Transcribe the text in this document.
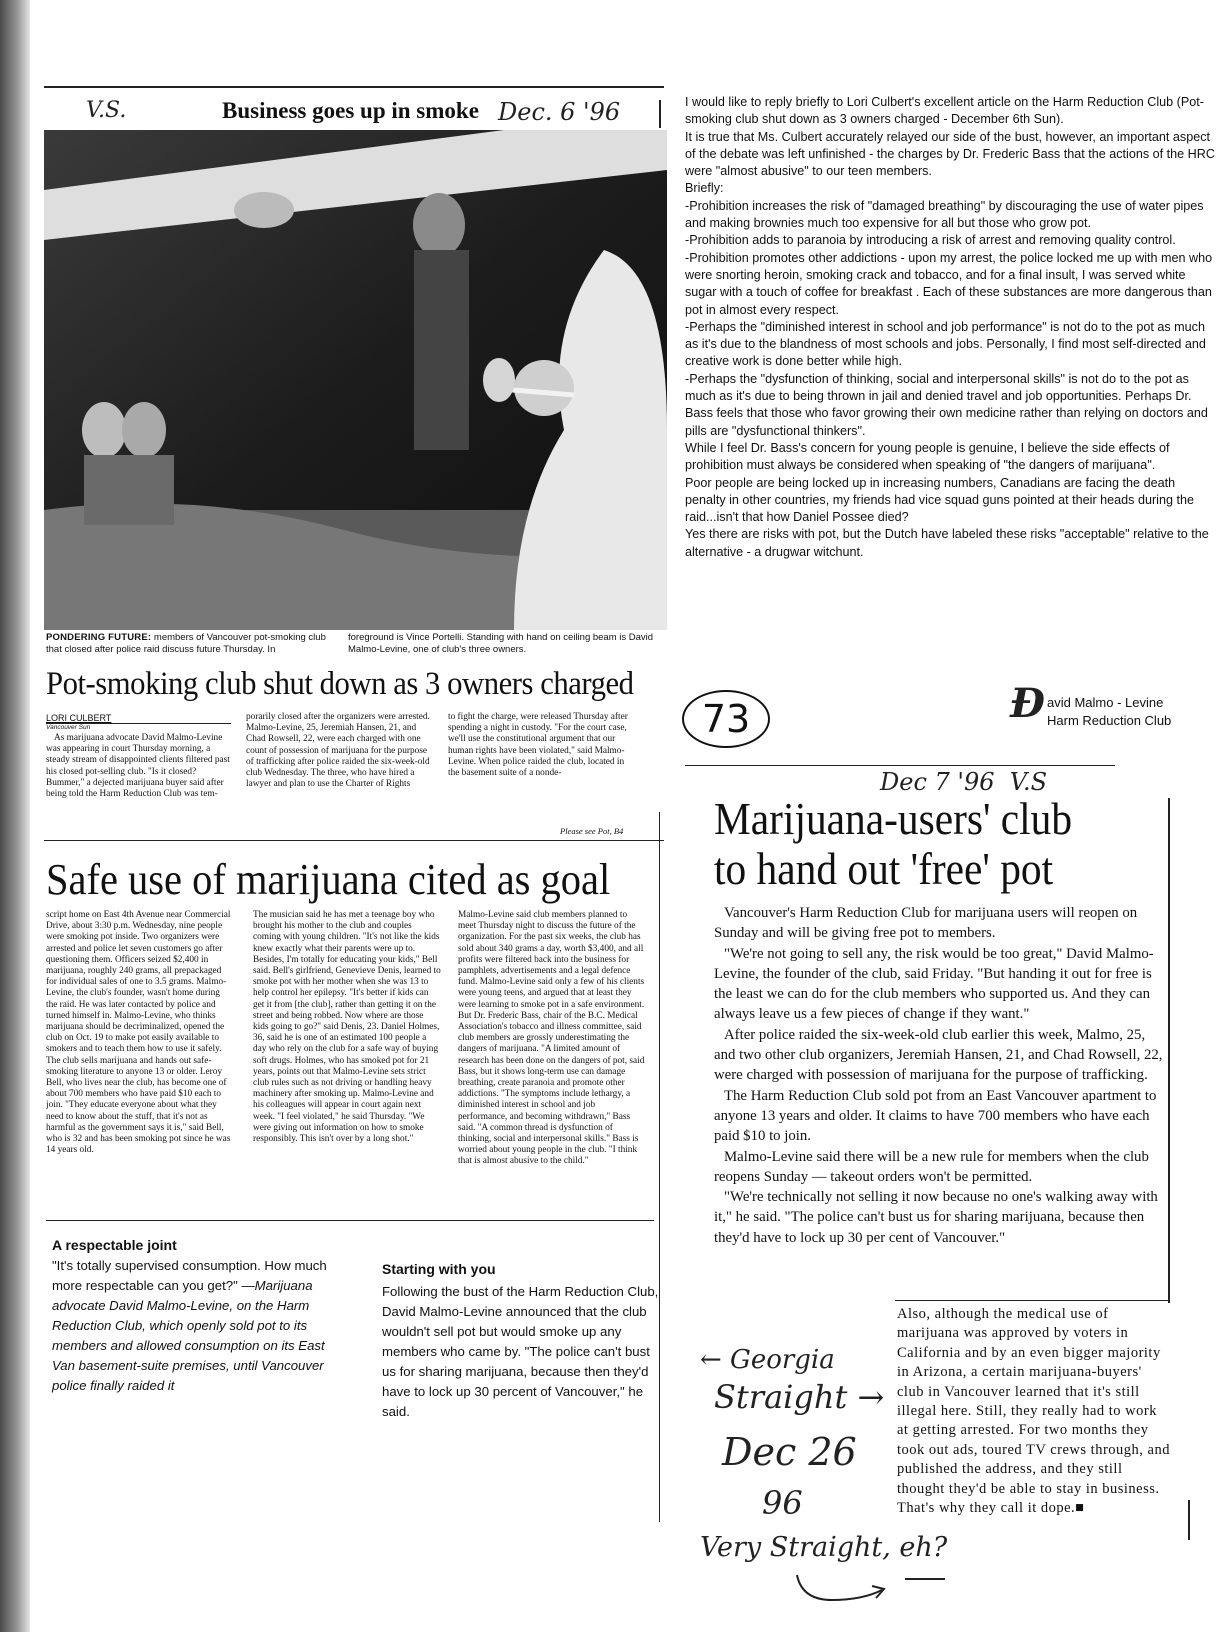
V.S.	Business goes up in smoke Dec. 6 '96
PONDERING FUTURE: members of Vancouver pot-smoking club that closed after police raid discuss future Thursday. In
foreground is Vince Portelli. Standing with hand on ceiling beam is David Malmo-Levine, one of club's three owners.
Pot-smoking club shut down as 3 owners charged
LORI CULBERT
Vancouver Sun
As marijuana advocate David Malmo-Levine was appearing in court Thursday morning, a steady stream of disappointed clients filtered past his closed pot-selling club. "Is it closed? Bummer," a dejected marijuana buyer said after being told the Harm Reduction Club was tem-
porarily closed after the organizers were arrested. Malmo-Levine, 25, Jeremiah Hansen, 21, and Chad Rowsell, 22, were each charged with one count of possession of marijuana for the purpose of trafficking after police raided the six-week-old club Wednesday. The three, who have hired a lawyer and plan to use the Charter of Rights
to fight the charge, were released Thursday after spending a night in custody. "For the court case, we'll use the constitutional argument that our human rights have been violated," said Malmo-Levine. When police raided the club, located in the basement suite of a nonde-
Please see Pot, B4
Safe use of marijuana cited as goal
script home on East 4th Avenue near Commercial Drive, about 3:30 p.m. Wednesday, nine people were smoking pot inside. Two organizers were arrested and police let seven customers go after questioning them. Officers seized $2,400 in marijuana, roughly 240 grams, all prepackaged for individual sales of one to 3.5 grams. Malmo-Levine, the club's founder, wasn't home during the raid. He was later contacted by police and turned himself in. Malmo-Levine, who thinks marijuana should be decriminalized, opened the club on Oct. 19 to make pot easily available to smokers and to teach them how to use it safely. The club sells marijuana and hands out safe-smoking literature to anyone 13 or older. Leroy Bell, who lives near the club, has become one of about 700 members who have paid $10 each to join. "They educate everyone about what they need to know about the stuff, that it's not as harmful as the government says it is," said Bell, who is 32 and has been smoking pot since he was 14 years old.
The musician said he has met a teenage boy who brought his mother to the club and couples coming with young children. "It's not like the kids knew exactly what their parents were up to. Besides, I'm totally for educating your kids," Bell said. Bell's girlfriend, Genevieve Denis, learned to smoke pot with her mother when she was 13 to help control her epilepsy. "It's better if kids can get it from [the club], rather than getting it on the street and being robbed. Now where are those kids going to go?" said Denis, 23. Daniel Holmes, 36, said he is one of an estimated 100 people a day who rely on the club for a safe way of buying soft drugs. Holmes, who has smoked pot for 21 years, points out that Malmo-Levine sets strict club rules such as not driving or handling heavy machinery after smoking up. Malmo-Levine and his colleagues will appear in court again next week. "I feel violated," he said Thursday. "We were giving out information on how to smoke responsibly. This isn't over by a long shot."
Malmo-Levine said club members planned to meet Thursday night to discuss the future of the organization. For the past six weeks, the club has sold about 340 grams a day, worth $3,400, and all profits were filtered back into the business for pamphlets, advertisements and a legal defence fund. Malmo-Levine said only a few of his clients were young teens, and argued that at least they were learning to smoke pot in a safe environment. But Dr. Frederic Bass, chair of the B.C. Medical Association's tobacco and illness committee, said club members are grossly underestimating the dangers of marijuana. "A limited amount of research has been done on the dangers of pot, said Bass, but it shows long-term use can damage breathing, create paranoia and promote other addictions. "The symptoms include lethargy, a diminished interest in school and job performance, and becoming withdrawn," Bass said. "A common thread is dysfunction of thinking, social and interpersonal skills." Bass is worried about young people in the club. "I think that is almost abusive to the child."
A respectable joint
"It's totally supervised consumption. How much more respectable can you get?" —Marijuana advocate David Malmo-Levine, on the Harm Reduction Club, which openly sold pot to its members and allowed consumption on its East Van basement-suite premises, until Vancouver police finally raided it
Starting with you
Following the bust of the Harm Reduction Club, David Malmo-Levine announced that the club wouldn't sell pot but would smoke up any members who came by. "The police can't bust us for sharing marijuana, because then they'd have to lock up 30 percent of Vancouver," he said.

I would like to reply briefly to Lori Culbert's excellent article on the Harm Reduction Club (Pot-smoking club shut down as 3 owners charged - December 6th Sun).

It is true that Ms. Culbert accurately relayed our side of the bust, however, an important aspect of the debate was left unfinished - the charges by Dr. Frederic Bass that the actions of the HRC were "almost abusive" to our teen members.

Briefly:

-Prohibition increases the risk of "damaged breathing" by discouraging the use of water pipes and making brownies much too expensive for all but those who grow pot.

-Prohibition adds to paranoia by introducing a risk of arrest and removing quality control.

-Prohibition promotes other addictions - upon my arrest, the police locked me up with men who were snorting heroin, smoking crack and tobacco, and for a final insult, I was served white sugar with a touch of coffee for breakfast . Each of these substances are more dangerous than pot in almost every respect.

-Perhaps the "diminished interest in school and job performance" is not do to the pot as much as it's due to the blandness of most schools and jobs. Personally, I find most self-directed and creative work is done better while high.

-Perhaps the "dysfunction of thinking, social and interpersonal skills" is not do to the pot as much as it's due to being thrown in jail and denied travel and job opportunities. Perhaps Dr. Bass feels that those who favor growing their own medicine rather than relying on doctors and pills are "dysfunctional thinkers".

While I feel Dr. Bass's concern for young people is genuine, I believe the side effects of prohibition must always be considered when speaking of "the dangers of marijuana".

Poor people are being locked up in increasing numbers, Canadians are facing the death penalty in other countries, my friends had vice squad guns pointed at their heads during the raid...isn't that how Daniel Possee died?

Yes there are risks with pot, but the Dutch have labeled these risks "acceptable" relative to the alternative - a drugwar witchunt.

73	Ð avid Malmo - Levine
Harm Reduction Club
Dec 7 '96  V.S
Marijuana-users' club
to hand out 'free' pot

Vancouver's Harm Reduction Club for marijuana users will reopen on Sunday and will be giving free pot to members.

"We're not going to sell any, the risk would be too great," David Malmo-Levine, the founder of the club, said Friday. "But handing it out for free is the least we can do for the club members who supported us. And they can always leave us a few pieces of change if they want."

After police raided the six-week-old club earlier this week, Malmo, 25, and two other club organizers, Jeremiah Hansen, 21, and Chad Rowsell, 22, were charged with possession of marijuana for the purpose of trafficking.

The Harm Reduction Club sold pot from an East Vancouver apartment to anyone 13 years and older. It claims to have 700 members who have each paid $10 to join.

Malmo-Levine said there will be a new rule for members when the club reopens Sunday — takeout orders won't be permitted.

"We're technically not selling it now because no one's walking away with it," he said. "The police can't bust us for sharing marijuana, because then they'd have to lock up 30 per cent of Vancouver."

Also, although the medical use of marijuana was approved by voters in California and by an even bigger majority in Arizona, a certain marijuana-buyers' club in Vancouver learned that it's still illegal here. Still, they really had to work at getting arrested. For two months they took out ads, toured TV crews through, and published the address, and they still thought they'd be able to stay in business. That's why they call it dope.■
← Georgia
Straight →
Dec 26
96
Very Straight, eh?
